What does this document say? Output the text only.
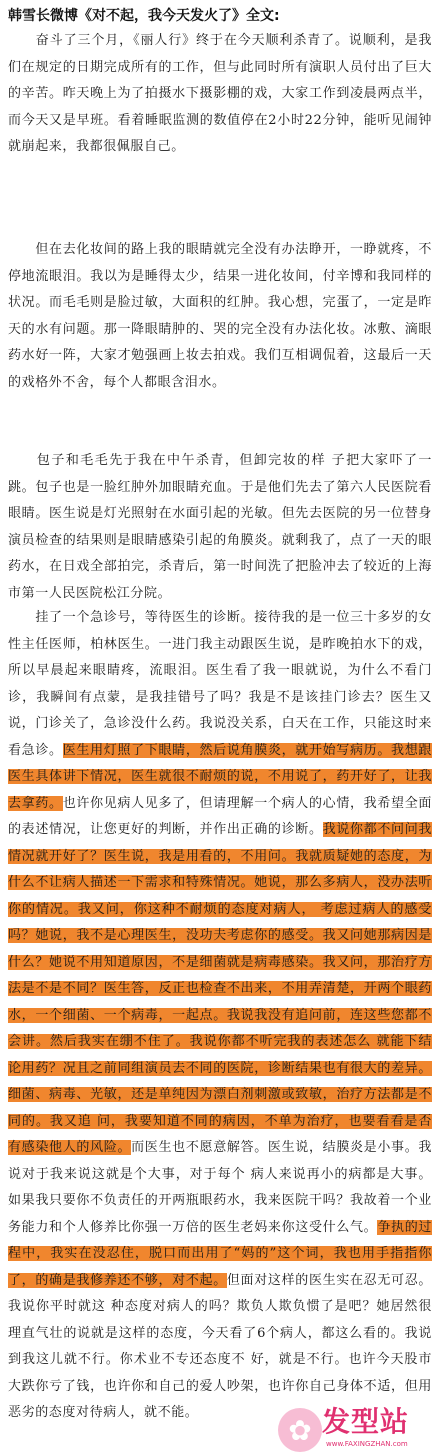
韩雪长微博《对不起，我今天发火了》全文:

　　奋斗了三个月，《丽人行》终于在今天顺利杀青了。说顺利，是我们在规定的日期完成所有的工作，但与此同时所有演职人员付出了巨大的辛苦。昨天晚上为了拍摄水下摄影棚的戏，大家工作到凌晨两点半，而今天又是早班。看着睡眠监测的数值停在2小时22分钟，能听见闹钟就崩起来，我都很佩服自己。

　　但在去化妆间的路上我的眼睛就完全没有办法睁开，一睁就疼，不停地流眼泪。我以为是睡得太少，结果一进化妆间，付辛博和我同样的状况。而毛毛则是脸过敏，大面积的红肿。我心想，完蛋了，一定是昨天的水有问题。那一降眼睛肿的、哭的完全没有办法化妆。冰敷、滴眼药水好一阵，大家才勉强画上妆去拍戏。我们互相调侃着，这最后一天的戏格外不舍，每个人都眼含泪水。

　　包子和毛毛先于我在中午杀青，但卸完妆的样 子把大家吓了一跳。包子也是一脸红肿外加眼睛充血。于是他们先去了第六人民医院看眼睛。医生说是灯光照射在水面引起的光敏。但先去医院的另一位替身演员检查的结果则是眼睛感染引起的角膜炎。就剩我了，点了一天的眼药水，在日戏全部拍完，杀青后，第一时间洗了把脸冲去了较近的上海市第一人民医院松江分院。

　　挂了一个急诊号，等待医生的诊断。接待我的是一位三十多岁的女性主任医师，柏林医生。一进门我主动跟医生说，是昨晚拍水下的戏，所以早晨起来眼睛疼，流眼泪。医生看了我一眼就说，为什么不看门诊，我瞬间有点蒙，是我挂错号了吗？我是不是该挂门诊去？医生又说，门诊关了，急诊没什么药。我说没关系，白天在工作，只能这时来看急诊。医生用灯照了下眼睛，然后说角膜炎，就开始写病历。我想跟医生具体讲下情况，医生就很不耐烦的说，不用说了，药开好了，让我去拿药。也许你见病人见多了，但请理解一个病人的心情，我希望全面的表述情况，让您更好的判断，并作出正确的诊断。我说你都不问问我情况就开好了？医生说，我是用看的，不用问。我就质疑她的态度，为什么不让病人描述一下需求和特殊情况。她说，那么多病人，没办法听你的情况。我又问，你这种不耐烦的态度对病人， 考虑过病人的感受吗？她说，我不是心理医生，没功夫考虑你的感受。我又问她那病因是什么？她说不用知道原因，不是细菌就是病毒感染。我又问，那治疗方法是不是不同？医生答，反正也检查不出来，不用弄清楚，开两个眼药水，一个细菌、一个病毒，一起点。我说我没有追问前，连这些您都不会讲。然后我实在绷不住了。我说你都不听完我的表述怎么 就能下结论用药？况且之前同组演员去不同的医院，诊断结果也有很大的差异。细菌、病毒、光敏，还是单纯因为漂白剂刺激或致敏，治疗方法都是不同的。我又追 问，我要知道不同的病因，不单为治疗，也要看看是否有感染他人的风险。而医生也不愿意解答。医生说，结膜炎是小事。我说对于我来说这就是个大事，对于每个 病人来说再小的病都是大事。如果我只要你不负责任的开两瓶眼药水，我来医院干吗？我故着一个业务能力和个人修养比你强一万倍的医生老妈来你这受什么气。争执的过程中，我实在没忍住，脱口而出用了“妈的”这个词，我也用手指指你了，的确是我修养还不够，对不起。但面对这样的医生实在忍无可忍。我说你平时就这 种态度对病人的吗？欺负人欺负惯了是吧？她居然很理直气壮的说就是这样的态度，今天看了6个病人，都这么看的。我说到我这儿就不行。你术业不专还态度不 好，就是不行。也许今天股市大跌你亏了钱，也许你和自己的爱人吵架，也许你自己身体不适，但用恶劣的态度对待病人，就不能。

✿ 发型站
www.FAXINGZHAN.com
